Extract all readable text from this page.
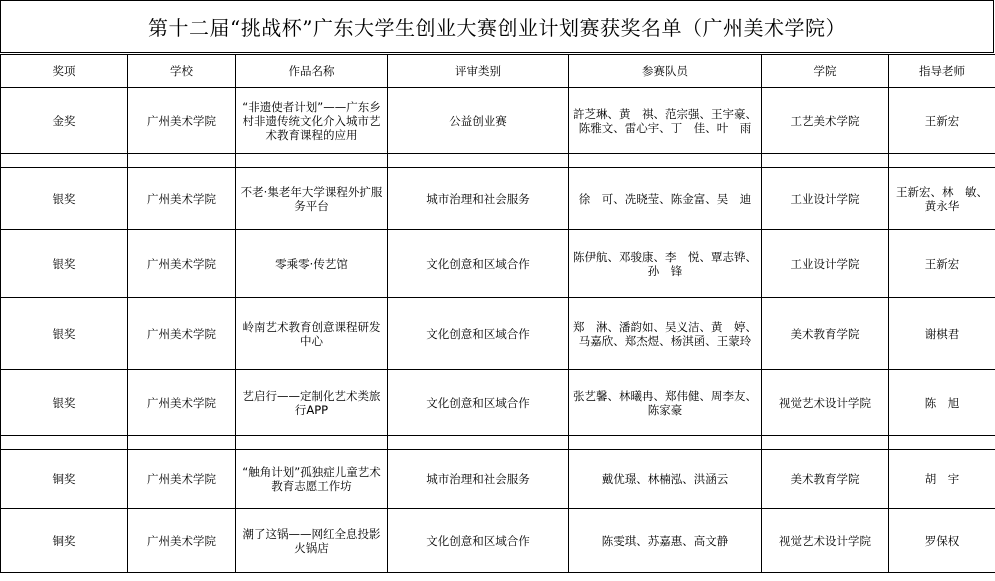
第十二届“挑战杯”广东大学生创业大赛创业计划赛获奖名单（广州美术学院）
奖项	学校	作品名称	评审类别	参赛队员	学院	指导老师
金奖	广州美术学院	“非遗使者计划”——广东乡村非遗传统文化介入城市艺术教育课程的应用	公益创业赛	許芝琳、黄　祺、范宗强、王宇豪、陈雅文、雷心宇、丁　佳、叶　雨	工艺美术学院	王新宏

银奖	广州美术学院	不老·集老年大学课程外扩服务平台	城市治理和社会服务	徐　可、冼晓莹、陈金富、吴　迪	工业设计学院	王新宏、林　敏、黄永华
银奖	广州美术学院	零乘零·传艺馆	文化创意和区域合作	陈伊航、邓骏康、李　悦、覃志铧、孙　锋	工业设计学院	王新宏
银奖	广州美术学院	岭南艺术教育创意课程研发中心	文化创意和区域合作	郑　淋、潘韵如、吴义洁、黄　婷、马嘉欣、郑杰煜、杨淇函、王蒙玲	美术教育学院	谢棋君
银奖	广州美术学院	艺启行——定制化艺术类旅行APP	文化创意和区域合作	张艺馨、林曦冉、郑伟健、周李友、陈家豪	视觉艺术设计学院	陈　旭

铜奖	广州美术学院	“触角计划”孤独症儿童艺术教育志愿工作坊	城市治理和社会服务	戴优璟、林楠泓、洪涵云	美术教育学院	胡　宇
铜奖	广州美术学院	潮了这锅——网红全息投影火锅店	文化创意和区域合作	陈雯琪、苏嘉惠、高文静	视觉艺术设计学院	罗保权
